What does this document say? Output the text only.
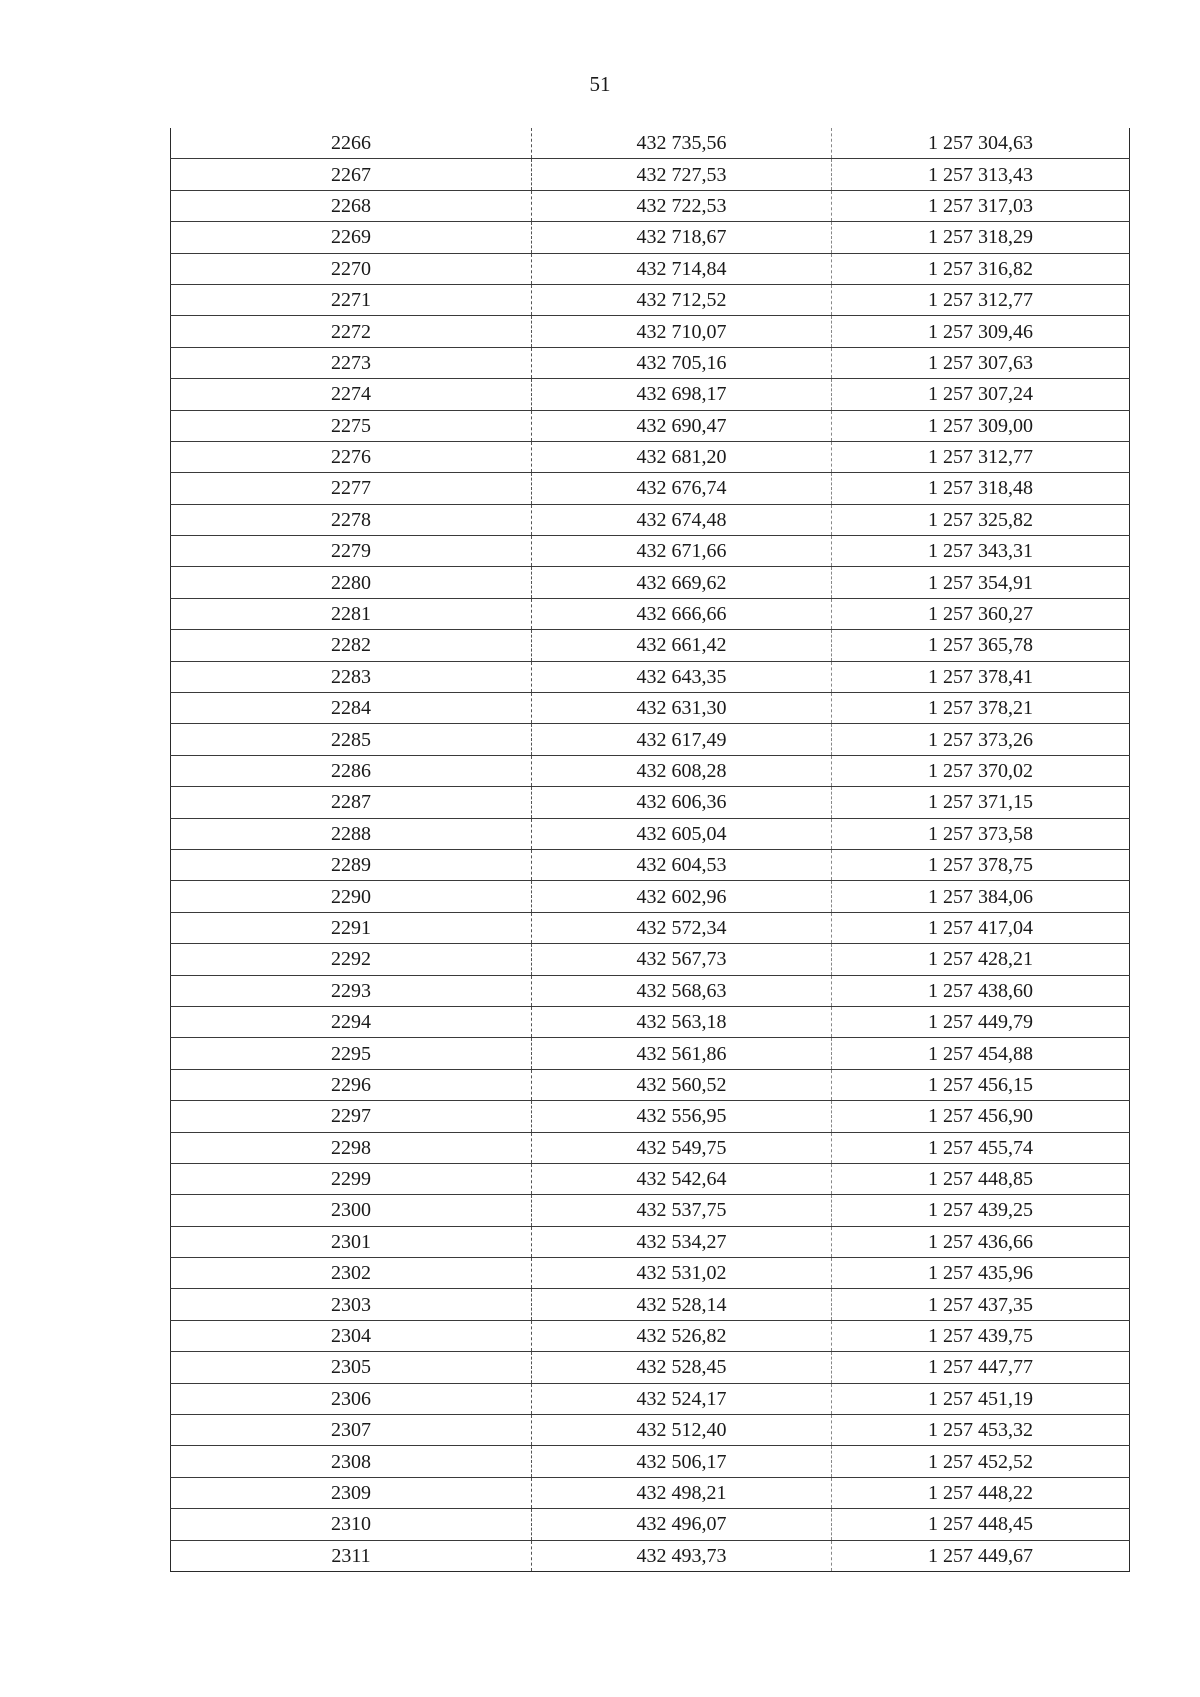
51
2266	432 735,56	1 257 304,63
2267	432 727,53	1 257 313,43
2268	432 722,53	1 257 317,03
2269	432 718,67	1 257 318,29
2270	432 714,84	1 257 316,82
2271	432 712,52	1 257 312,77
2272	432 710,07	1 257 309,46
2273	432 705,16	1 257 307,63
2274	432 698,17	1 257 307,24
2275	432 690,47	1 257 309,00
2276	432 681,20	1 257 312,77
2277	432 676,74	1 257 318,48
2278	432 674,48	1 257 325,82
2279	432 671,66	1 257 343,31
2280	432 669,62	1 257 354,91
2281	432 666,66	1 257 360,27
2282	432 661,42	1 257 365,78
2283	432 643,35	1 257 378,41
2284	432 631,30	1 257 378,21
2285	432 617,49	1 257 373,26
2286	432 608,28	1 257 370,02
2287	432 606,36	1 257 371,15
2288	432 605,04	1 257 373,58
2289	432 604,53	1 257 378,75
2290	432 602,96	1 257 384,06
2291	432 572,34	1 257 417,04
2292	432 567,73	1 257 428,21
2293	432 568,63	1 257 438,60
2294	432 563,18	1 257 449,79
2295	432 561,86	1 257 454,88
2296	432 560,52	1 257 456,15
2297	432 556,95	1 257 456,90
2298	432 549,75	1 257 455,74
2299	432 542,64	1 257 448,85
2300	432 537,75	1 257 439,25
2301	432 534,27	1 257 436,66
2302	432 531,02	1 257 435,96
2303	432 528,14	1 257 437,35
2304	432 526,82	1 257 439,75
2305	432 528,45	1 257 447,77
2306	432 524,17	1 257 451,19
2307	432 512,40	1 257 453,32
2308	432 506,17	1 257 452,52
2309	432 498,21	1 257 448,22
2310	432 496,07	1 257 448,45
2311	432 493,73	1 257 449,67
